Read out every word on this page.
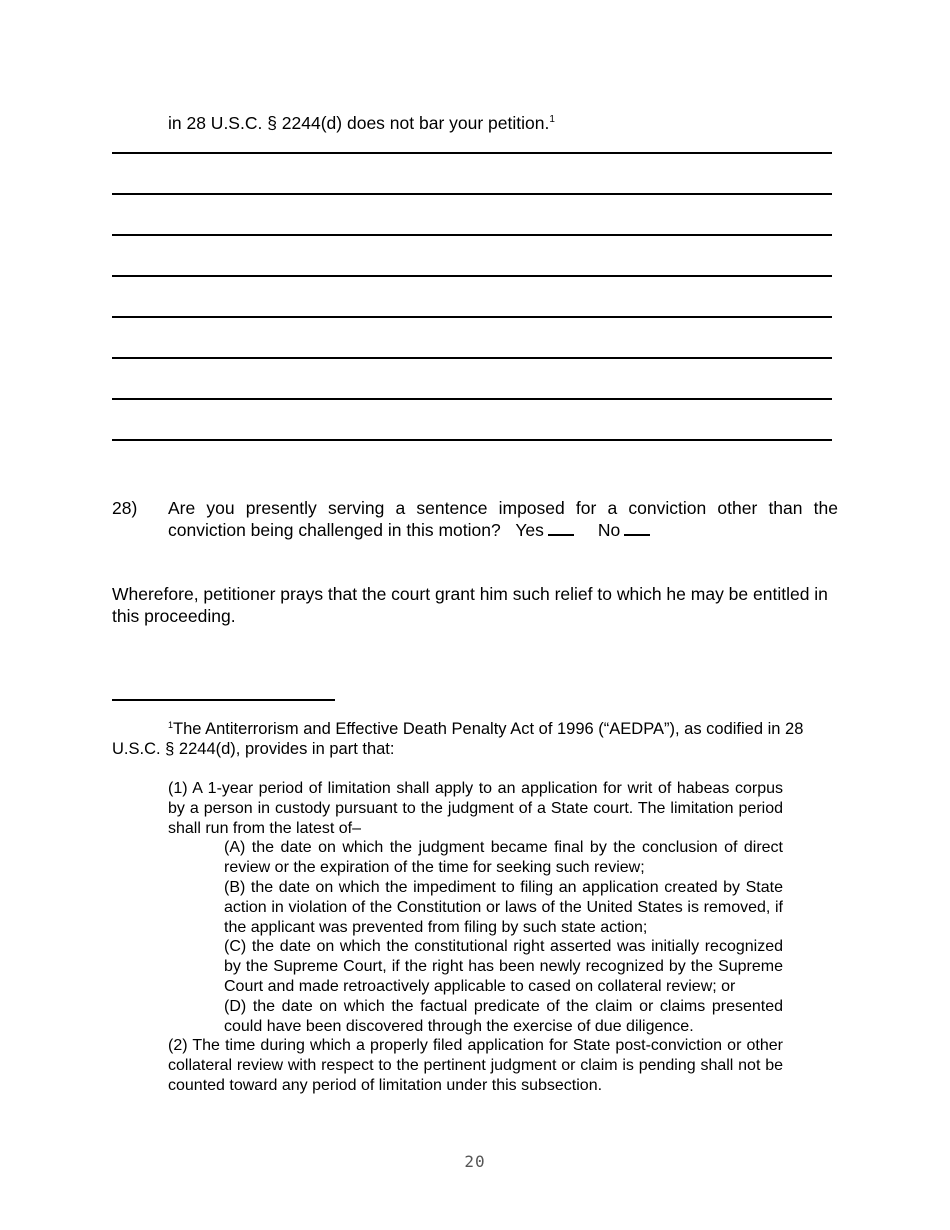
in 28 U.S.C. § 2244(d) does not bar your petition.$^1$
28) Are you presently serving a sentence imposed for a conviction other than the conviction being challenged in this motion? Yes	No
Wherefore, petitioner prays that the court grant him such relief to which he may be entitled in this proceeding.
$^1$The Antiterrorism and Effective Death Penalty Act of 1996 (“AEDPA”), as codified in 28 U.S.C. § 2244(d), provides in part that:

(1) A 1-year period of limitation shall apply to an application for writ of habeas corpus by a person in custody pursuant to the judgment of a State court. The limitation period shall run from the latest of–

(A) the date on which the judgment became final by the conclusion of direct review or the expiration of the time for seeking such review;

(B) the date on which the impediment to filing an application created by State action in violation of the Constitution or laws of the United States is removed, if the applicant was prevented from filing by such state action;

(C) the date on which the constitutional right asserted was initially recognized by the Supreme Court, if the right has been newly recognized by the Supreme Court and made retroactively applicable to cased on collateral review; or

(D) the date on which the factual predicate of the claim or claims presented could have been discovered through the exercise of due diligence.

(2) The time during which a properly filed application for State post-conviction or other collateral review with respect to the pertinent judgment or claim is pending shall not be counted toward any period of limitation under this subsection.

20
